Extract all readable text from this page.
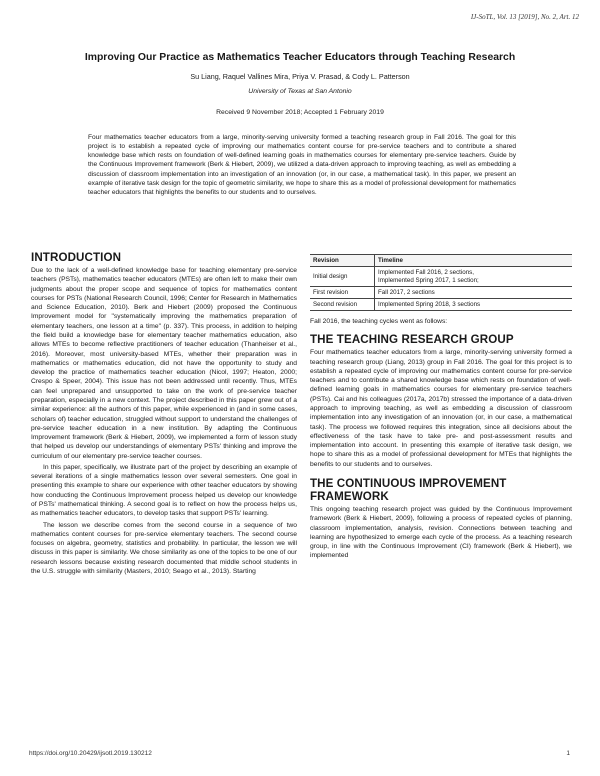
IJ-SoTL, Vol. 13 [2019], No. 2, Art. 12
Improving Our Practice as Mathematics Teacher Educators through Teaching Research
Su Liang, Raquel Vallines Mira, Priya V. Prasad, & Cody L. Patterson
University of Texas at San Antonio
Received 9 November 2018; Accepted 1 February 2019

Four mathematics teacher educators from a large, minority-serving university formed a teaching research group in Fall 2016. The goal for this project is to establish a repeated cycle of improving our mathematics content course for pre-service teachers and to contribute a shared knowledge base which rests on foundation of well-defined learning goals in mathematics courses for elementary pre-service teachers. Guide by the Continuous Improvement framework (Berk & Hiebert, 2009), we utilized a data-driven approach to improving teaching, as well as embedding a discussion of classroom implementation into an investigation of an innovation (or, in our case, a mathematical task). In this paper, we present an example of iterative task design for the topic of geometric similarity, we hope to share this as a model of professional development for mathematics teacher educators that highlights the benefits to our students and to ourselves.

INTRODUCTION

Due to the lack of a well-defined knowledge base for teaching elementary pre-service teachers (PSTs), mathematics teacher educators (MTEs) are often left to make their own judgments about the proper scope and sequence of topics for mathematics content courses for PSTs (National Research Council, 1996; Center for Research in Mathematics and Science Education, 2010). Berk and Hiebert (2009) proposed the Continuous Improvement model for "systematically improving the mathematics preparation of elementary teachers, one lesson at a time" (p. 337). This process, in addition to helping the field build a knowledge base for elementary teacher mathematics education, also allows MTEs to become reflective practitioners of teacher education (Thanheiser et al., 2016). Moreover, most university-based MTEs, whether their preparation was in mathematics or mathematics education, did not have the opportunity to study and develop the practice of mathematics teacher education (Nicol, 1997; Heaton, 2000; Crespo & Speer, 2004). This issue has not been addressed until recently. Thus, MTEs can feel unprepared and unsupported to take on the work of pre-service teacher preparation, especially in a new context. The project described in this paper grew out of a similar experience: all the authors of this paper, while experienced in (and in some cases, scholars of) teacher education, struggled without support to understand the challenges of pre-service teacher education in a new institution. By adapting the Continuous Improvement framework (Berk & Hiebert, 2009), we implemented a form of lesson study that helped us develop our understandings of elementary PSTs' thinking and improve the curriculum of our elementary pre-service teacher courses.

In this paper, specifically, we illustrate part of the project by describing an example of several iterations of a single mathematics lesson over several semesters. One goal in presenting this example to share our experience with other teacher educators by showing how conducting the Continuous Improvement process helped us develop our knowledge of PSTs' mathematical thinking. A second goal is to reflect on how the process helps us, as mathematics teacher educators, to develop tasks that support PSTs' learning.

The lesson we describe comes from the second course in a sequence of two mathematics content courses for pre-service elementary teachers. The second course focuses on algebra, geometry, statistics and probability. In particular, the lesson we will discuss in this paper is similarity. We chose similarity as one of the topics to be one of our research lessons because existing research documented that middle school students in the U.S. struggle with similarity (Masters, 2010; Seago et al., 2013). Starting

Revision	Timeline
Initial design	Implemented Fall 2016, 2 sections,
Implemented Spring 2017, 1 section;

First revision	Fall 2017, 2 sections
Second revision	Implemented Spring 2018, 3 sections

Fall 2016, the teaching cycles went as follows:

THE TEACHING RESEARCH GROUP

Four mathematics teacher educators from a large, minority-serving university formed a teaching research group (Liang, 2013) group in Fall 2016. The goal for this project is to establish a repeated cycle of improving our mathematics content course for pre-service teachers and to contribute a shared knowledge base which rests on foundation of well-defined learning goals in mathematics courses for elementary pre-service teachers (PSTs). Cai and his colleagues (2017a, 2017b) stressed the importance of a data-driven approach to improving teaching, as well as embedding a discussion of classroom implementation into any investigation of an innovation (or, in our case, a mathematical task). The process we followed requires this integration, since all decisions about the effectiveness of the task have to take pre- and post-assessment results and implementation into account. In presenting this example of iterative task design, we hope to share this as a model of professional development for MTEs that highlights the benefits to our students and to ourselves.

THE CONTINUOUS IMPROVEMENT FRAMEWORK

This ongoing teaching research project was guided by the Continuous Improvement framework (Berk & Hiebert, 2009), following a process of repeated cycles of planning, classroom implementation, analysis, revision. Connections between teaching and learning are hypothesized to emerge each cycle of the process. As a teaching research group, in line with the Continuous Improvement (CI) framework (Berk & Hiebert), we implemented

https://doi.org/10.20429/ijsotl.2019.130212	1
